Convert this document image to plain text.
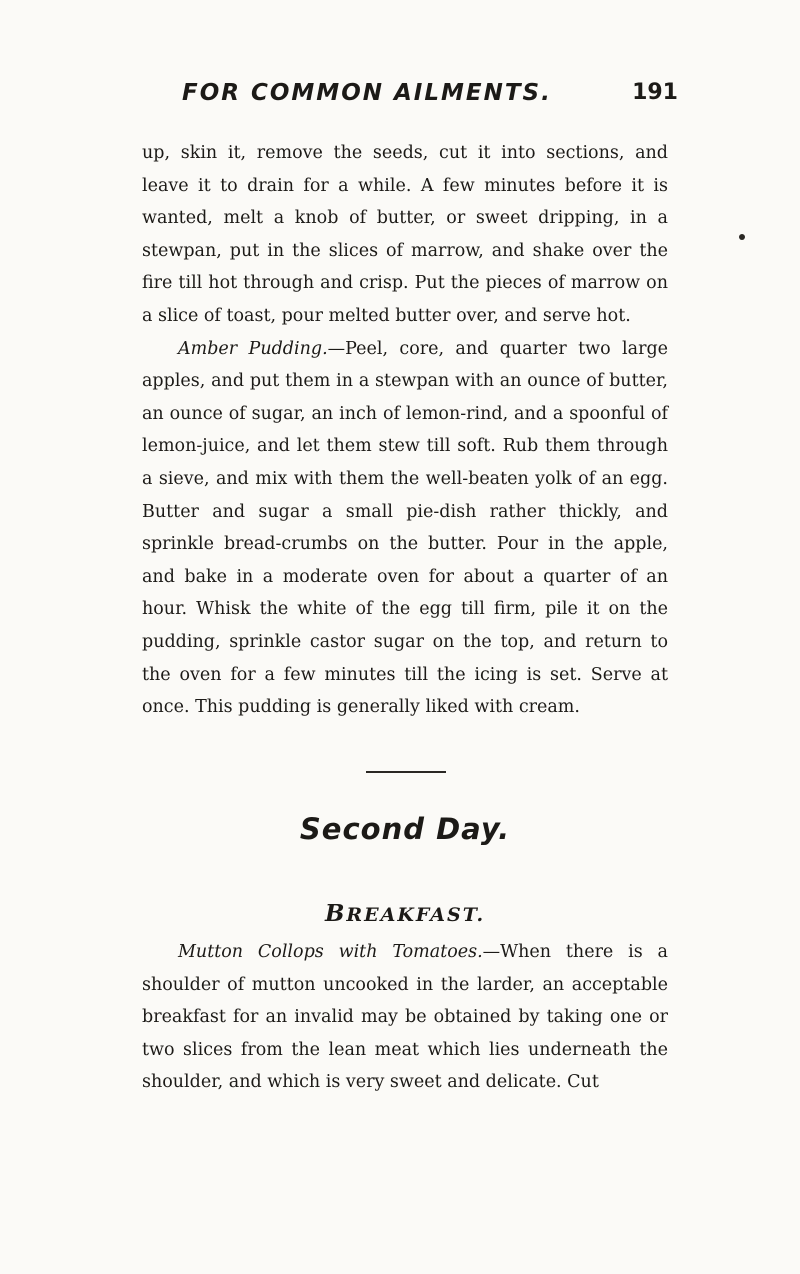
FOR COMMON AILMENTS.	191

up, skin it, remove the seeds, cut it into sections, and leave it to drain for a while. A few minutes before it is wanted, melt a knob of butter, or sweet dripping, in a stewpan, put in the slices of marrow, and shake over the fire till hot through and crisp. Put the pieces of marrow on a slice of toast, pour melted butter over, and serve hot.

Amber Pudding.—Peel, core, and quarter two large apples, and put them in a stewpan with an ounce of butter, an ounce of sugar, an inch of lemon-rind, and a spoonful of lemon-juice, and let them stew till soft. Rub them through a sieve, and mix with them the well-beaten yolk of an egg. Butter and sugar a small pie-dish rather thickly, and sprinkle bread-crumbs on the butter. Pour in the apple, and bake in a moderate oven for about a quarter of an hour. Whisk the white of the egg till firm, pile it on the pudding, sprinkle castor sugar on the top, and return to the oven for a few minutes till the icing is set. Serve at once. This pudding is generally liked with cream.

Second Day.
BREAKFAST.

Mutton Collops with Tomatoes.—When there is a shoulder of mutton uncooked in the larder, an acceptable breakfast for an invalid may be obtained by taking one or two slices from the lean meat which lies underneath the shoulder, and which is very sweet and delicate. Cut
